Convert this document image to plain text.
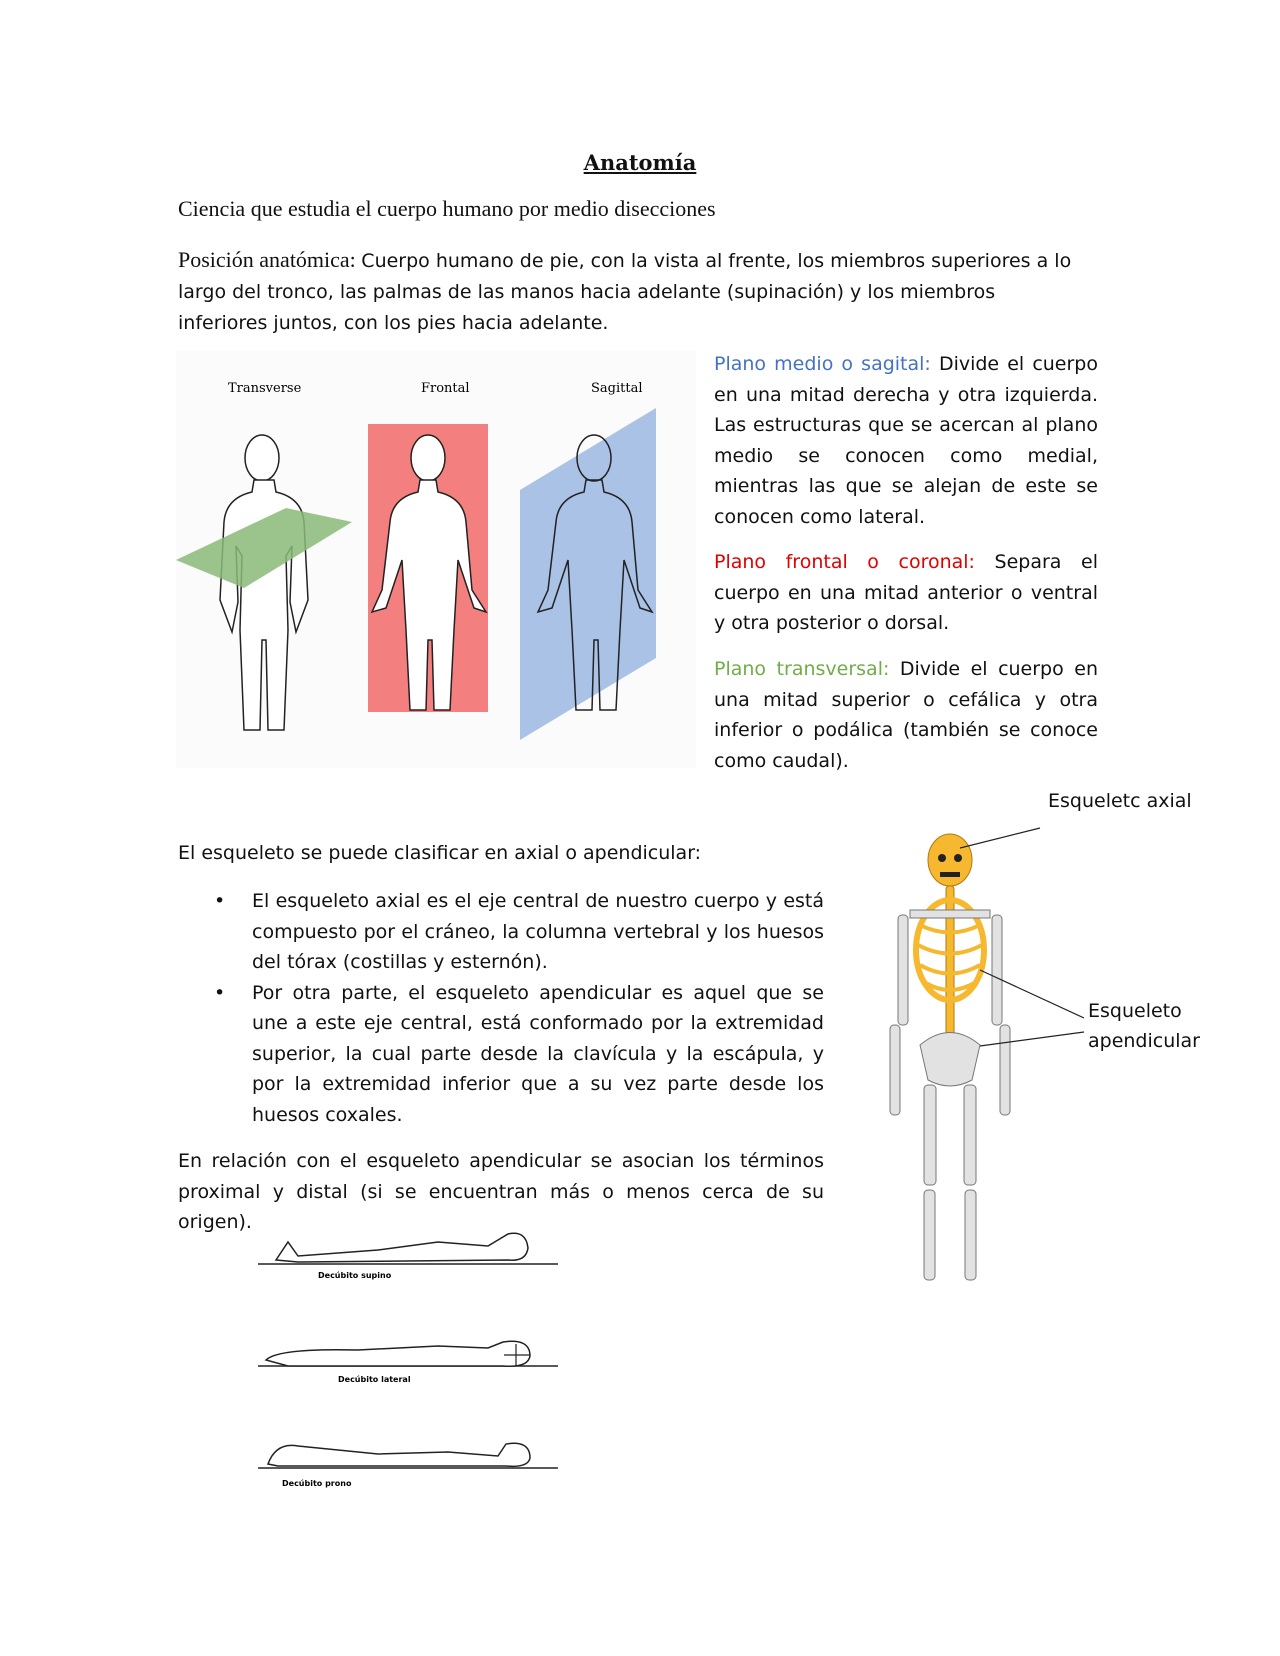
Anatomía
Ciencia que estudia el cuerpo humano por medio disecciones
Posición anatómica: Cuerpo humano de pie, con la vista al frente, los miembros superiores a lo largo del tronco, las palmas de las manos hacia adelante (supinación) y los miembros inferiores juntos, con los pies hacia adelante.
Transverse	Frontal	Sagittal
Plano medio o sagital: Divide el cuerpo en una mitad derecha y otra izquierda. Las estructuras que se acercan al plano medio se conocen como medial, mientras las que se alejan de este se conocen como lateral.
Plano frontal o coronal: Separa el cuerpo en una mitad anterior o ventral y otra posterior o dorsal.
Plano transversal: Divide el cuerpo en una mitad superior o cefálica y otra inferior o podálica (también se conoce como caudal).
Esqueletc axial
Esqueleto
apendicular
El esqueleto se puede clasificar en axial o apendicular:
• El esqueleto axial es el eje central de nuestro cuerpo y está compuesto por el cráneo, la columna vertebral y los huesos del tórax (costillas y esternón).
• Por otra parte, el esqueleto apendicular es aquel que se une a este eje central, está conformado por la extremidad superior, la cual parte desde la clavícula y la escápula, y por la extremidad inferior que a su vez parte desde los huesos coxales.
En relación con el esqueleto apendicular se asocian los términos proximal y distal (si se encuentran más o menos cerca de su origen).
Decúbito supino
Decúbito lateral
Decúbito prono
